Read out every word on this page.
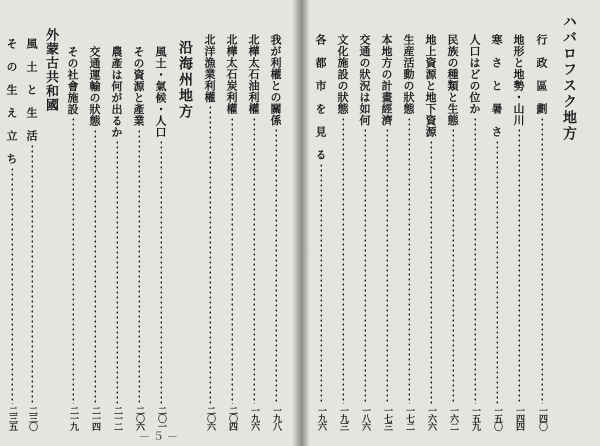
ハバロフスク地方
行　政　區　劃
一四〇
地形と地勢・山川
一四四
寒　さ　と　暑　さ
一五〇
人口はどの位か
一五九
民族の種類と生態
一六二
地上資源と地下資源
一六六
生産活動の狀態
一七二
本地方の計畫經濟
一七三
交通の狀況は如何
一八六
文化施設の狀態
一九三
各　都　市　を　見　る
一九六
我が利權との關係
一九八
北樺太石油利權
一九六
北樺太石炭利權
二〇四
北洋漁業利權
二〇六
沿海州地方
風土・氣候・人口
二〇一
その資源と產業
二〇六
農產は何が出るか
二一二
交通運輸の狀態
二一四
その社會施設
二一九
外蒙古共和國
風　土　と　生　活
二三〇
そ　の　生　え　立　ち
二三五
－５－
